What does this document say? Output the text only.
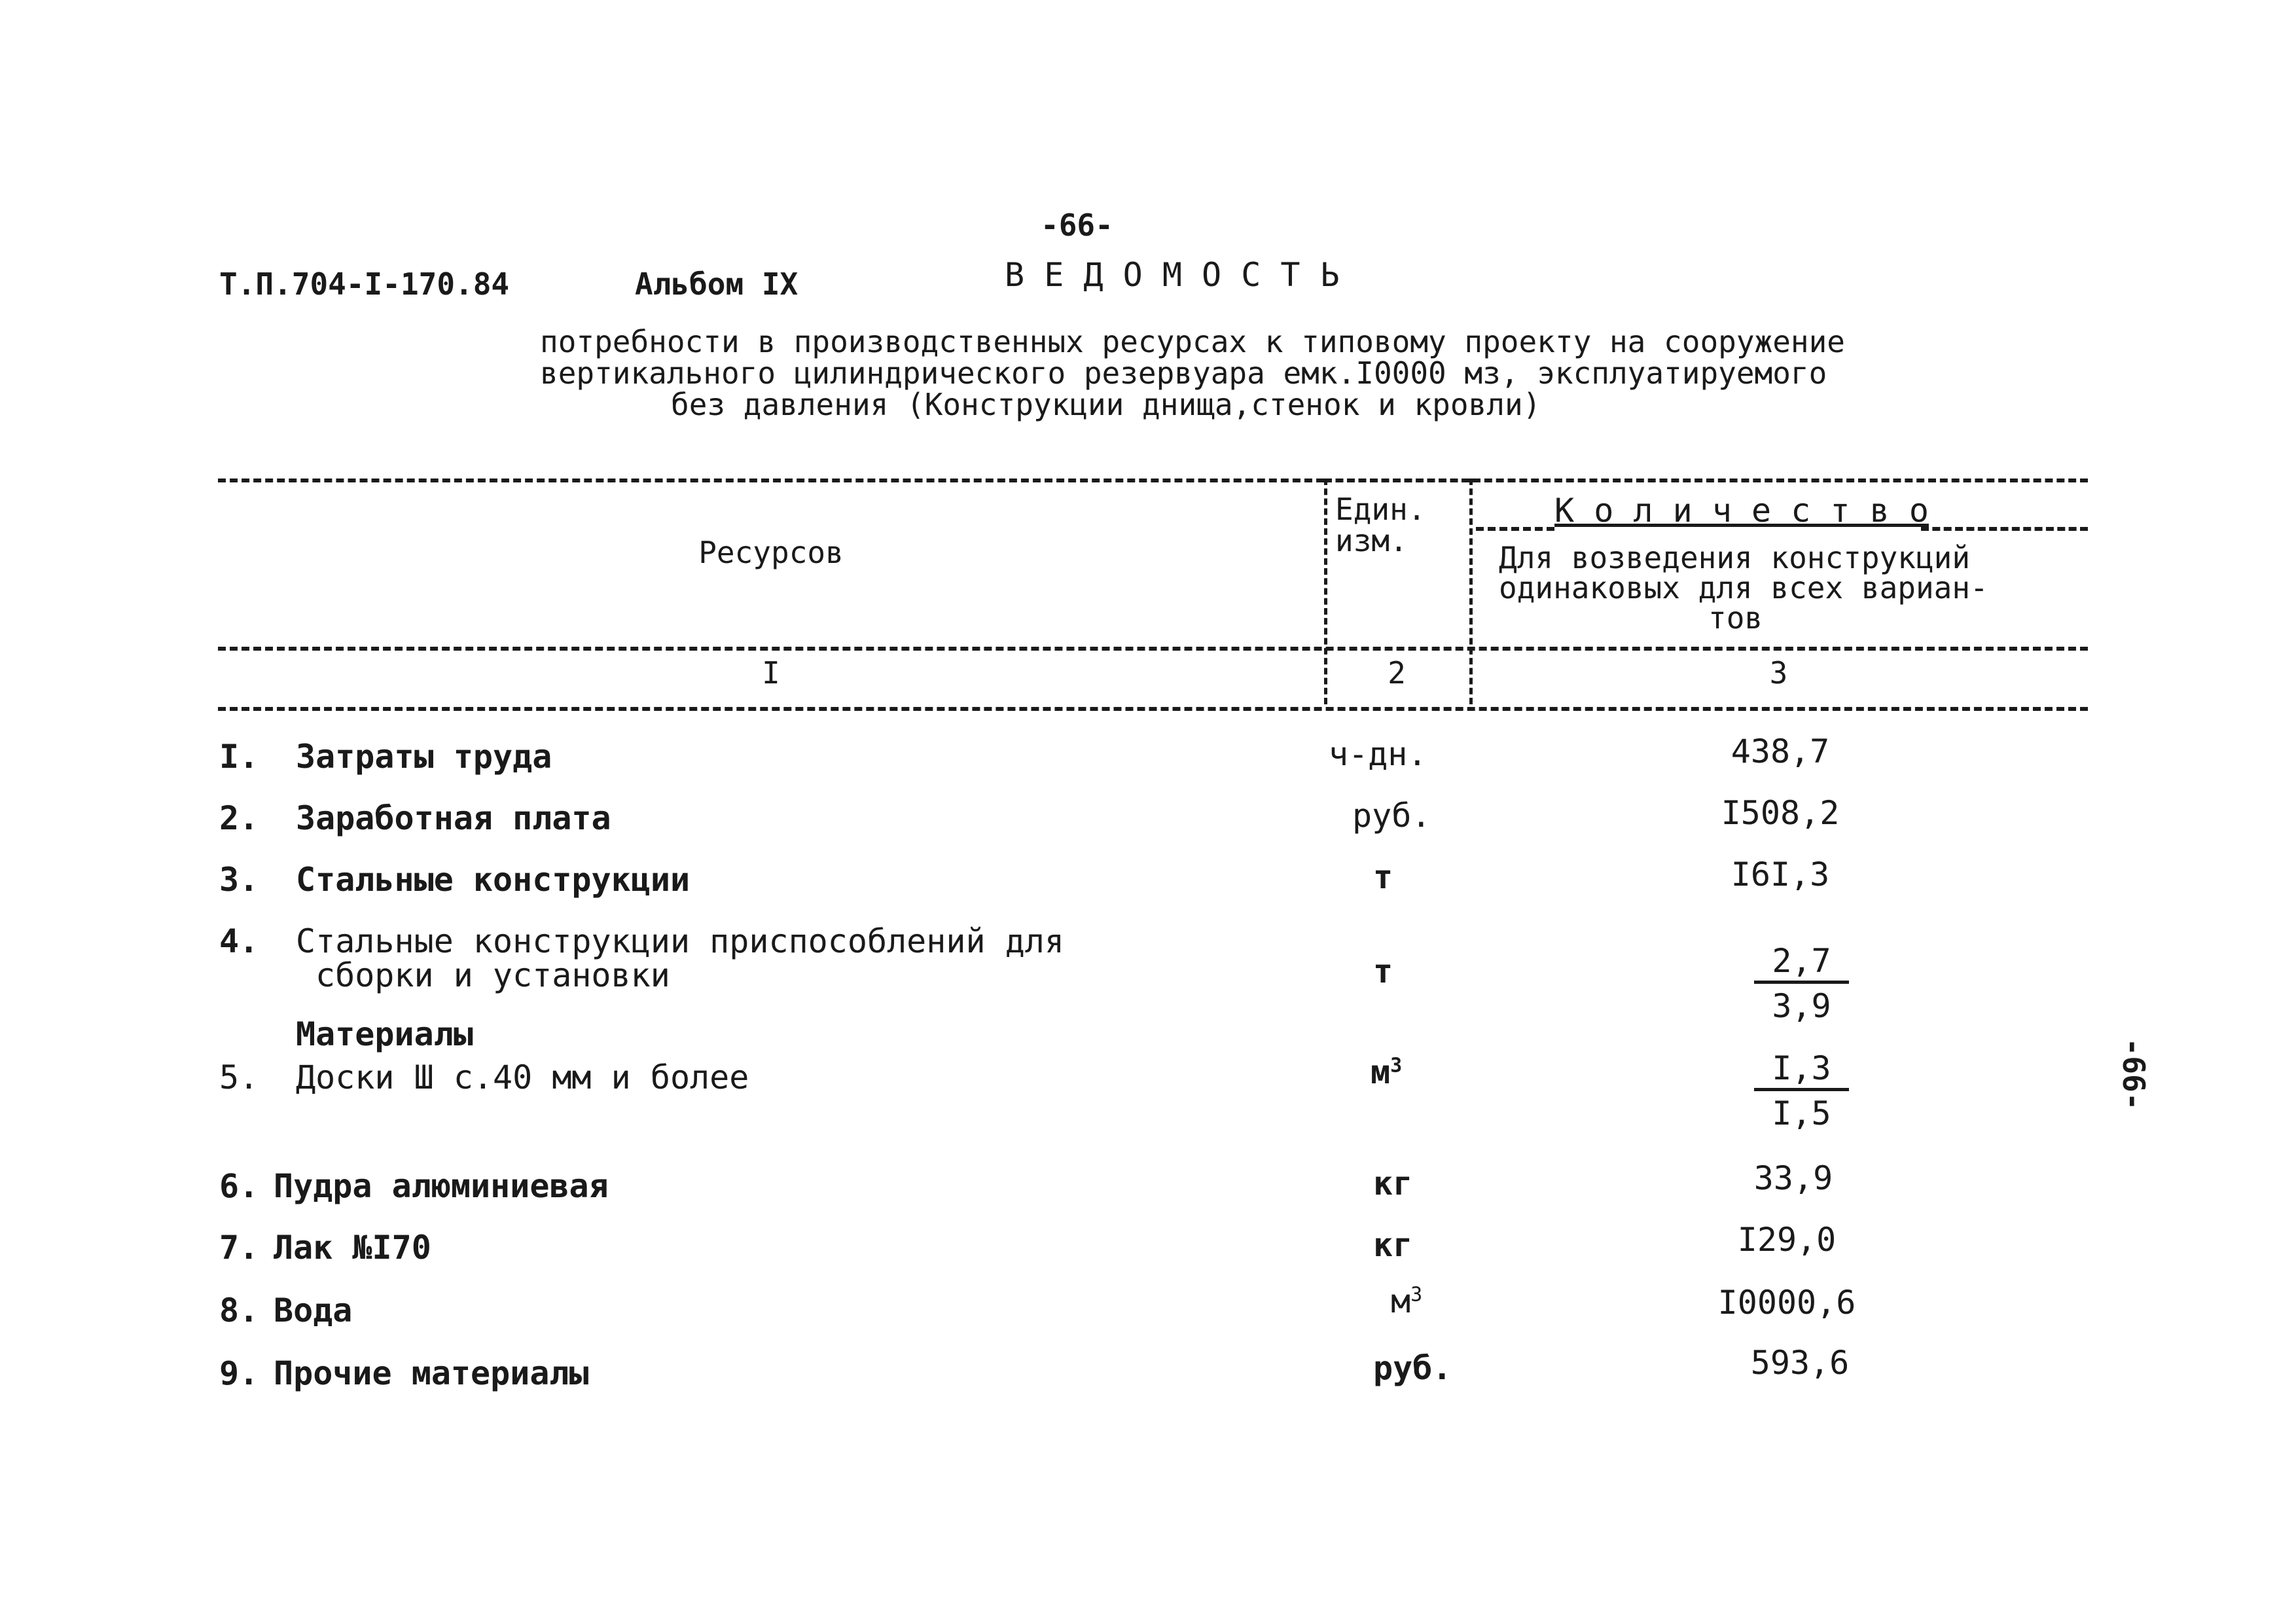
-66-
Т.П.704-I-170.84	Альбом IX	В Е Д О М О С Т Ь
потребности в производственных ресурсах к типовому проекту на сооружение
вертикального цилиндрического резервуара емк.I0000 мз, эксплуатируемого
без давления (Конструкции днища,стенок и кровли)
Ресурсов
Един.
изм.
К о л и ч е с т в о
Для возведения конструкций
одинаковых для всех вариан-
тов
I	2	3
I. Затраты труда	ч-дн.	438,7
2. Заработная плата	руб.	I508,2
3. Стальные конструкции	т	I6I,3
4. Стальные конструкции приспособлений для
сборки и установки	т	$\frac{2,7}{3,9}$
Материалы
5. Доски Ш с.40 мм и более	$м^3$	$\frac{I,3}{I,5}$
6. Пудра алюминиевая	кг	33,9
7. Лак №I70	кг	I29,0
8. Вода	$м^3$	I0000,6
9. Прочие материалы	руб.	593,6
-66-
